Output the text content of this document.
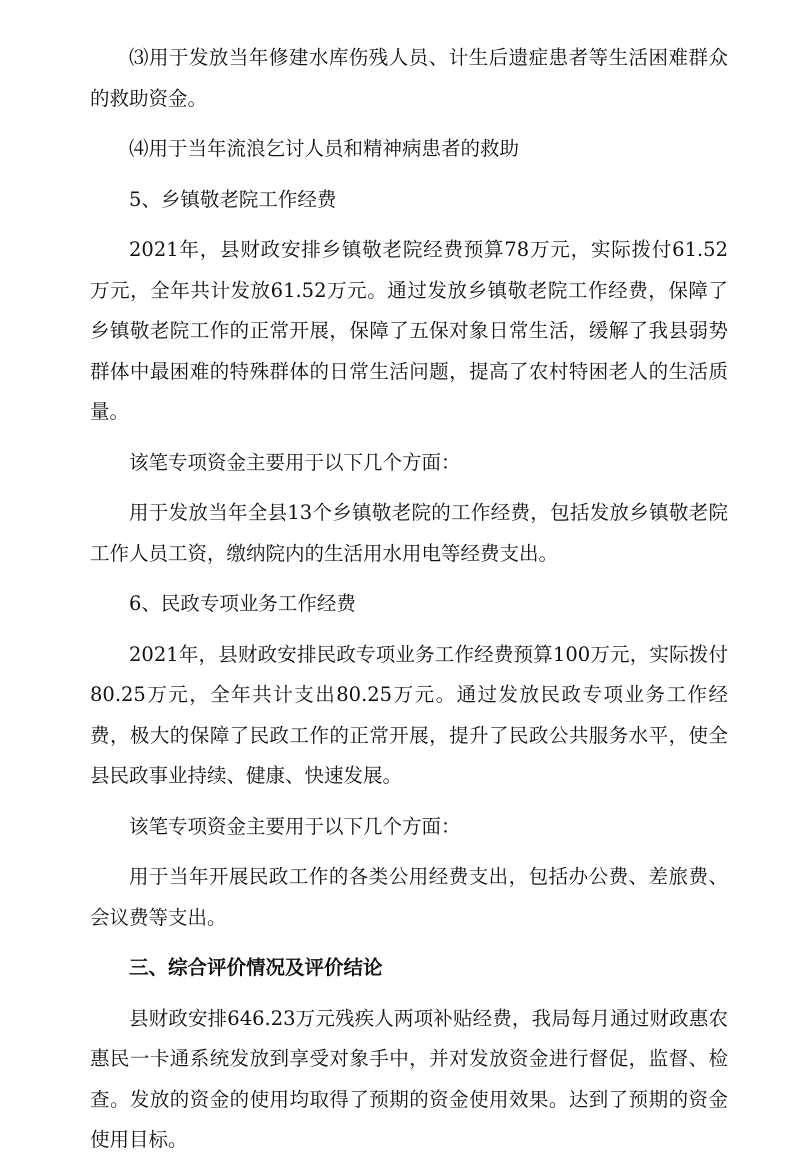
⑶用于发放当年修建水库伤残人员、计生后遗症患者等生活困难群众的救助资金。

⑷用于当年流浪乞讨人员和精神病患者的救助

5、乡镇敬老院工作经费

2021年，县财政安排乡镇敬老院经费预算78万元，实际拨付61.52 万元，全年共计发放61.52万元。通过发放乡镇敬老院工作经费，保障了乡镇敬老院工作的正常开展，保障了五保对象日常生活，缓解了我县弱势群体中最困难的特殊群体的日常生活问题，提高了农村特困老人的生活质量。

该笔专项资金主要用于以下几个方面：

用于发放当年全县13个乡镇敬老院的工作经费，包括发放乡镇敬老院工作人员工资，缴纳院内的生活用水用电等经费支出。

6、民政专项业务工作经费

2021年，县财政安排民政专项业务工作经费预算100万元，实际拨付80.25万元，全年共计支出80.25万元。通过发放民政专项业务工作经费，极大的保障了民政工作的正常开展，提升了民政公共服务水平，使全县民政事业持续、健康、快速发展。

该笔专项资金主要用于以下几个方面：

用于当年开展民政工作的各类公用经费支出，包括办公费、差旅费、会议费等支出。

三、综合评价情况及评价结论

县财政安排646.23万元残疾人两项补贴经费，我局每月通过财政惠农惠民一卡通系统发放到享受对象手中，并对发放资金进行督促，监督、检查。发放的资金的使用均取得了预期的资金使用效果。达到了预期的资金使用目标。
